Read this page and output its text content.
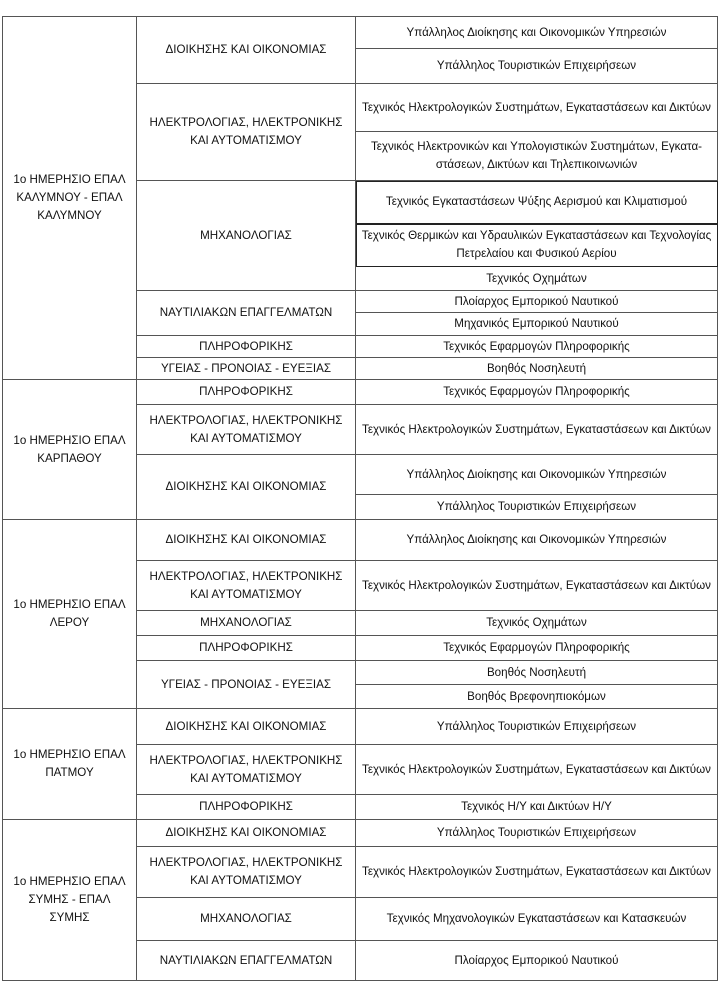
1ο ΗΜΕΡΗΣΙΟ ΕΠΑΛ ΚΑΛΥΜΝΟΥ - ΕΠΑΛ ΚΑΛΥΜΝΟΥ	ΔΙΟΙΚΗΣΗΣ ΚΑΙ ΟΙΚΟΝΟΜΙΑΣ	Υπάλληλος Διοίκησης και Οικονομικών Υπηρεσιών
		Υπάλληλος Τουριστικών Επιχειρήσεων
	ΗΛΕΚΤΡΟΛΟΓΙΑΣ, ΗΛΕΚΤΡΟΝΙΚΗΣ ΚΑΙ ΑΥΤΟΜΑΤΙΣΜΟΥ	Τεχνικός Ηλεκτρολογικών Συστημάτων, Εγκαταστάσεων και Δικτύων
		Τεχνικός Ηλεκτρονικών και Υπολογιστικών Συστημάτων, Εγκατα-στάσεων, Δικτύων και Τηλεπικοινωνιών
	ΜΗΧΑΝΟΛΟΓΙΑΣ	Τεχνικός Εγκαταστάσεων Ψύξης Αερισμού και Κλιματισμού
		Τεχνικός Θερμικών και Υδραυλικών Εγκαταστάσεων και Τεχνολογίας Πετρελαίου και Φυσικού Αερίου
		Τεχνικός Οχημάτων
	ΝΑΥΤΙΛΙΑΚΩΝ ΕΠΑΓΓΕΛΜΑΤΩΝ	Πλοίαρχος Εμπορικού Ναυτικού
		Μηχανικός Εμπορικού Ναυτικού
	ΠΛΗΡΟΦΟΡΙΚΗΣ	Τεχνικός Εφαρμογών Πληροφορικής
	ΥΓΕΙΑΣ - ΠΡΟΝΟΙΑΣ - ΕΥΕΞΙΑΣ	Βοηθός Νοσηλευτή
1ο ΗΜΕΡΗΣΙΟ ΕΠΑΛ ΚΑΡΠΑΘΟΥ	ΠΛΗΡΟΦΟΡΙΚΗΣ	Τεχνικός Εφαρμογών Πληροφορικής
	ΗΛΕΚΤΡΟΛΟΓΙΑΣ, ΗΛΕΚΤΡΟΝΙΚΗΣ ΚΑΙ ΑΥΤΟΜΑΤΙΣΜΟΥ	Τεχνικός Ηλεκτρολογικών Συστημάτων, Εγκαταστάσεων και Δικτύων
	ΔΙΟΙΚΗΣΗΣ ΚΑΙ ΟΙΚΟΝΟΜΙΑΣ	Υπάλληλος Διοίκησης και Οικονομικών Υπηρεσιών
		Υπάλληλος Τουριστικών Επιχειρήσεων
1ο ΗΜΕΡΗΣΙΟ ΕΠΑΛ ΛΕΡΟΥ	ΔΙΟΙΚΗΣΗΣ ΚΑΙ ΟΙΚΟΝΟΜΙΑΣ	Υπάλληλος Διοίκησης και Οικονομικών Υπηρεσιών
	ΗΛΕΚΤΡΟΛΟΓΙΑΣ, ΗΛΕΚΤΡΟΝΙΚΗΣ ΚΑΙ ΑΥΤΟΜΑΤΙΣΜΟΥ	Τεχνικός Ηλεκτρολογικών Συστημάτων, Εγκαταστάσεων και Δικτύων
	ΜΗΧΑΝΟΛΟΓΙΑΣ	Τεχνικός Οχημάτων
	ΠΛΗΡΟΦΟΡΙΚΗΣ	Τεχνικός Εφαρμογών Πληροφορικής
	ΥΓΕΙΑΣ - ΠΡΟΝΟΙΑΣ - ΕΥΕΞΙΑΣ	Βοηθός Νοσηλευτή
		Βοηθός Βρεφονηπιοκόμων
1ο ΗΜΕΡΗΣΙΟ ΕΠΑΛ ΠΑΤΜΟΥ	ΔΙΟΙΚΗΣΗΣ ΚΑΙ ΟΙΚΟΝΟΜΙΑΣ	Υπάλληλος Τουριστικών Επιχειρήσεων
	ΗΛΕΚΤΡΟΛΟΓΙΑΣ, ΗΛΕΚΤΡΟΝΙΚΗΣ ΚΑΙ ΑΥΤΟΜΑΤΙΣΜΟΥ	Τεχνικός Ηλεκτρολογικών Συστημάτων, Εγκαταστάσεων και Δικτύων
	ΠΛΗΡΟΦΟΡΙΚΗΣ	Τεχνικός Η/Υ και Δικτύων Η/Υ
1ο ΗΜΕΡΗΣΙΟ ΕΠΑΛ ΣΥΜΗΣ - ΕΠΑΛ ΣΥΜΗΣ	ΔΙΟΙΚΗΣΗΣ ΚΑΙ ΟΙΚΟΝΟΜΙΑΣ	Υπάλληλος Τουριστικών Επιχειρήσεων
	ΗΛΕΚΤΡΟΛΟΓΙΑΣ, ΗΛΕΚΤΡΟΝΙΚΗΣ ΚΑΙ ΑΥΤΟΜΑΤΙΣΜΟΥ	Τεχνικός Ηλεκτρολογικών Συστημάτων, Εγκαταστάσεων και Δικτύων
	ΜΗΧΑΝΟΛΟΓΙΑΣ	Τεχνικός Μηχανολογικών Εγκαταστάσεων και Κατασκευών
	ΝΑΥΤΙΛΙΑΚΩΝ ΕΠΑΓΓΕΛΜΑΤΩΝ	Πλοίαρχος Εμπορικού Ναυτικού
